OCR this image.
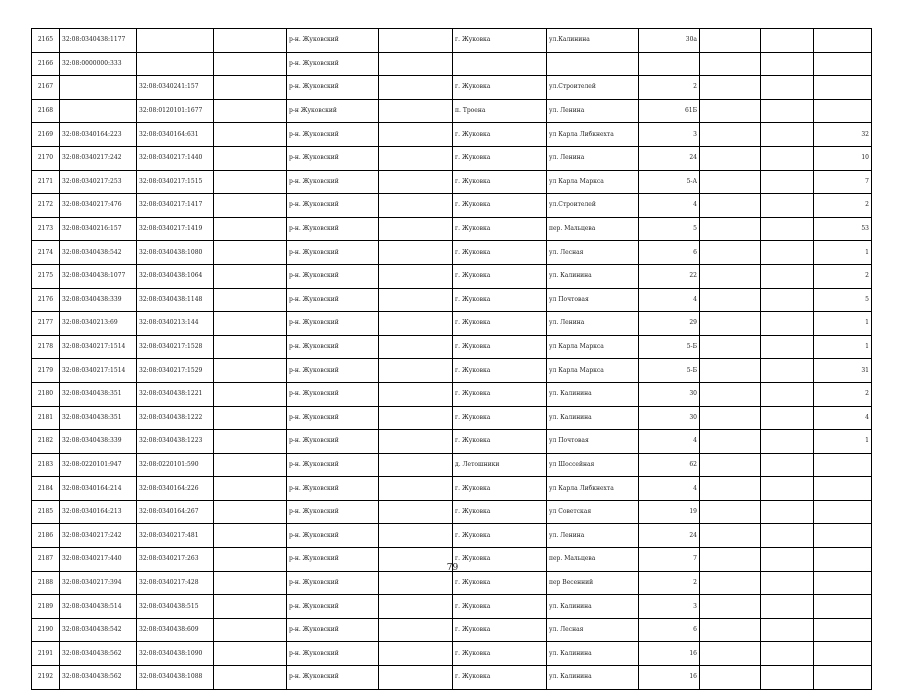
2165	32:08:0340438:1177			р-н. Жуковский		г. Жуковка	ул.Калинина	30а			
2166	32:08:0000000:333			р-н. Жуковский							
2167		32:08:0340241:157		р-н. Жуковский		г. Жуковка	ул.Строителей	2			
2168		32:08:0120101:1677		р-н Жуковский		п. Троена	ул. Ленина	61Б			
2169	32:08:0340164:223	32:08:0340164:631		р-н. Жуковский		г. Жуковка	ул Карла Либкнехта	3			32
2170	32:08:0340217:242	32:08:0340217:1440		р-н. Жуковский		г. Жуковка	ул. Ленина	24			10
2171	32:08:0340217:253	32:08:0340217:1515		р-н. Жуковский		г. Жуковка	ул Карла Маркса	5-А			7
2172	32:08:0340217:476	32:08:0340217:1417		р-н. Жуковский		г. Жуковка	ул.Строителей	4			2
2173	32:08:0340216:157	32:08:0340217:1419		р-н. Жуковский		г. Жуковка	пер. Мальцева	5			53
2174	32:08:0340438:542	32:08:0340438:1080		р-н. Жуковский		г. Жуковка	ул. Лесная	6			1
2175	32:08:0340438:1077	32:08:0340438:1064		р-н. Жуковский		г. Жуковка	ул. Калинина	22			2
2176	32:08:0340438:339	32:08:0340438:1148		р-н. Жуковский		г. Жуковка	ул Почтовая	4			5
2177	32:08:0340213:69	32:08:0340213:144		р-н. Жуковский		г. Жуковка	ул. Ленина	29			1
2178	32:08:0340217:1514	32:08:0340217:1528		р-н. Жуковский		г. Жуковка	ул Карла Маркса	5-Б			1
2179	32:08:0340217:1514	32:08:0340217:1529		р-н. Жуковский		г. Жуковка	ул Карла Маркса	5-Б			31
2180	32:08:0340438:351	32:08:0340438:1221		р-н. Жуковский		г. Жуковка	ул. Калинина	30			2
2181	32:08:0340438:351	32:08:0340438:1222		р-н. Жуковский		г. Жуковка	ул. Калинина	30			4
2182	32:08:0340438:339	32:08:0340438:1223		р-н. Жуковский		г. Жуковка	ул Почтовая	4			1
2183	32:08:0220101:947	32:08:0220101:590		р-н. Жуковский		д. Летошники	ул Шоссейная	62			
2184	32:08:0340164:214	32:08:0340164:226		р-н. Жуковский		г. Жуковка	ул Карла Либкнехта	4			
2185	32:08:0340164:213	32:08:0340164:267		р-н. Жуковский		г. Жуковка	ул Советская	19			
2186	32:08:0340217:242	32:08:0340217:481		р-н. Жуковский		г. Жуковка	ул. Ленина	24			
2187	32:08:0340217:440	32:08:0340217:263		р-н. Жуковский		г. Жуковка	пер. Мальцева	7			
2188	32:08:0340217:394	32:08:0340217:428		р-н. Жуковский		г. Жуковка	пер Весенний	2			
2189	32:08:0340438:514	32:08:0340438:515		р-н. Жуковский		г. Жуковка	ул. Калинина	3			
2190	32:08:0340438:542	32:08:0340438:609		р-н. Жуковский		г. Жуковка	ул. Лесная	6			
2191	32:08:0340438:562	32:08:0340438:1090		р-н. Жуковский		г. Жуковка	ул. Калинина	16			
2192	32:08:0340438:562	32:08:0340438:1088		р-н. Жуковский		г. Жуковка	ул. Калинина	16			
79
